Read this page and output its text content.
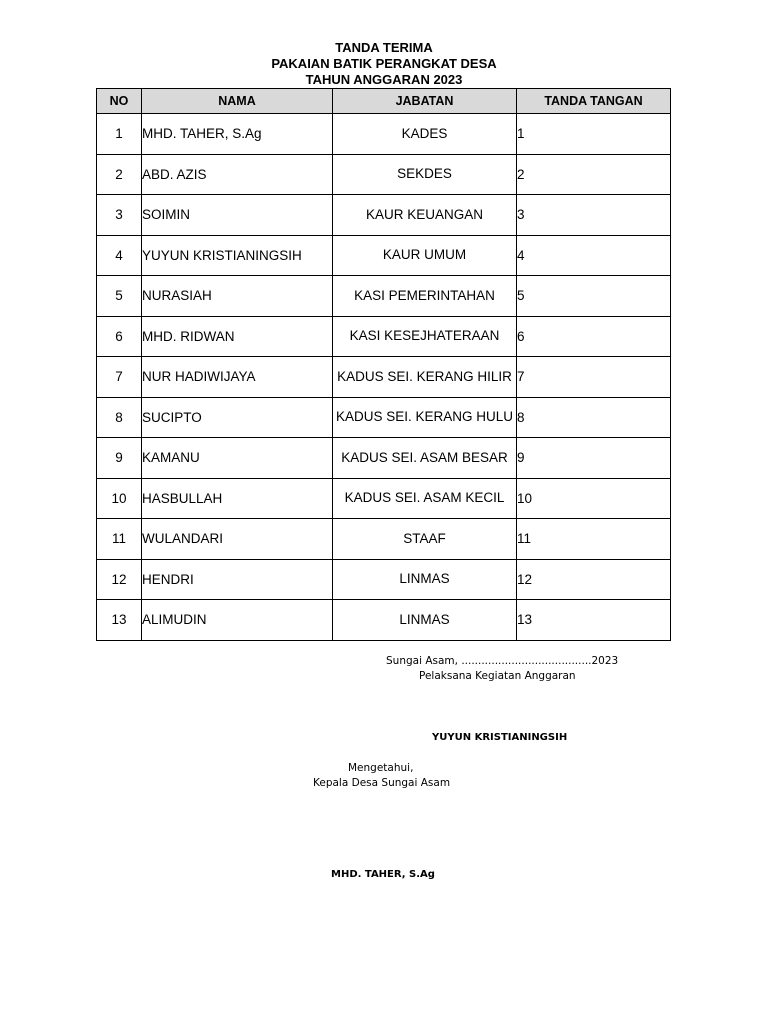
TANDA TERIMA
PAKAIAN BATIK PERANGKAT DESA
TAHUN ANGGARAN 2023
NO	NAMA	JABATAN	TANDA TANGAN
1	MHD. TAHER, S.Ag	KADES	1
2	ABD. AZIS	SEKDES	2
3	SOIMIN	KAUR KEUANGAN	3
4	YUYUN KRISTIANINGSIH	KAUR UMUM	4
5	NURASIAH	KASI PEMERINTAHAN	5
6	MHD. RIDWAN	KASI KESEJHATERAAN	6
7	NUR HADIWIJAYA	KADUS SEI. KERANG HILIR	7
8	SUCIPTO	KADUS SEI. KERANG HULU	8
9	KAMANU	KADUS SEI. ASAM BESAR	9
10	HASBULLAH	KADUS SEI. ASAM KECIL	10
11	WULANDARI	STAAF	11
12	HENDRI	LINMAS	12
13	ALIMUDIN	LINMAS	13
Sungai Asam, .......................................2023
Pelaksana Kegiatan Anggaran
YUYUN KRISTIANINGSIH
Mengetahui,
Kepala Desa Sungai Asam
MHD. TAHER, S.Ag
